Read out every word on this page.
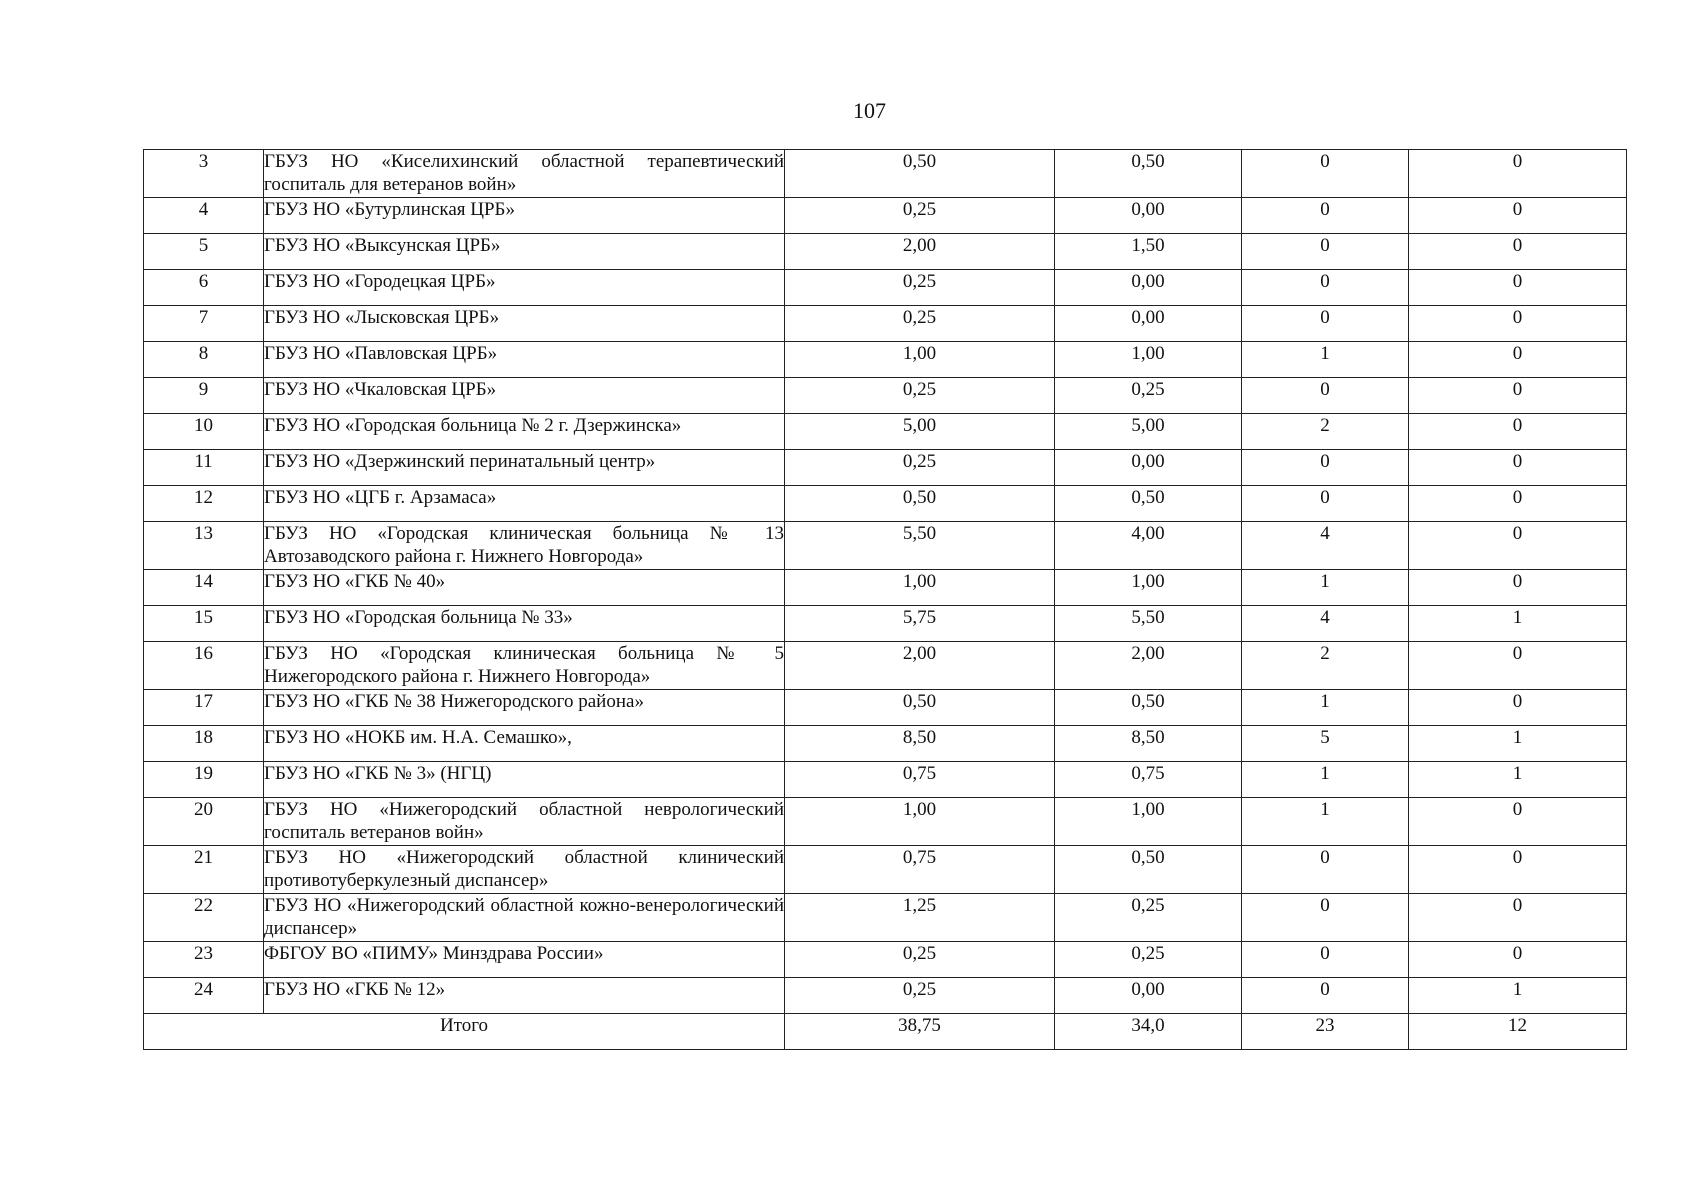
107
3	ГБУЗ НО «Киселихинский областной терапевтический госпиталь для ветеранов войн»	0,50	0,50	0	0
4	ГБУЗ НО «Бутурлинская ЦРБ»	0,25	0,00	0	0
5	ГБУЗ НО «Выксунская ЦРБ»	2,00	1,50	0	0
6	ГБУЗ НО «Городецкая ЦРБ»	0,25	0,00	0	0
7	ГБУЗ НО «Лысковская ЦРБ»	0,25	0,00	0	0
8	ГБУЗ НО «Павловская ЦРБ»	1,00	1,00	1	0
9	ГБУЗ НО «Чкаловская ЦРБ»	0,25	0,25	0	0
10	ГБУЗ НО «Городская больница № 2 г. Дзержинска»	5,00	5,00	2	0
11	ГБУЗ НО «Дзержинский перинатальный центр»	0,25	0,00	0	0
12	ГБУЗ НО «ЦГБ г. Арзамаса»	0,50	0,50	0	0
13	ГБУЗ НО «Городская клиническая больница № 13 Автозаводского района г. Нижнего Новгорода»	5,50	4,00	4	0
14	ГБУЗ НО «ГКБ № 40»	1,00	1,00	1	0
15	ГБУЗ НО «Городская больница № 33»	5,75	5,50	4	1
16	ГБУЗ НО «Городская клиническая больница № 5 Нижегородского района г. Нижнего Новгорода»	2,00	2,00	2	0
17	ГБУЗ НО «ГКБ № 38 Нижегородского района»	0,50	0,50	1	0
18	ГБУЗ НО «НОКБ им. Н.А. Семашко»,	8,50	8,50	5	1
19	ГБУЗ НО «ГКБ № 3» (НГЦ)	0,75	0,75	1	1
20	ГБУЗ НО «Нижегородский областной неврологический госпиталь ветеранов войн»	1,00	1,00	1	0
21	ГБУЗ НО «Нижегородский областной клинический противотуберкулезный диспансер»	0,75	0,50	0	0
22	ГБУЗ НО «Нижегородский областной кожно-венерологический диспансер»	1,25	0,25	0	0
23	ФБГОУ ВО «ПИМУ» Минздрава России»	0,25	0,25	0	0
24	ГБУЗ НО «ГКБ № 12»	0,25	0,00	0	1
Итого		38,75	34,0	23	12
